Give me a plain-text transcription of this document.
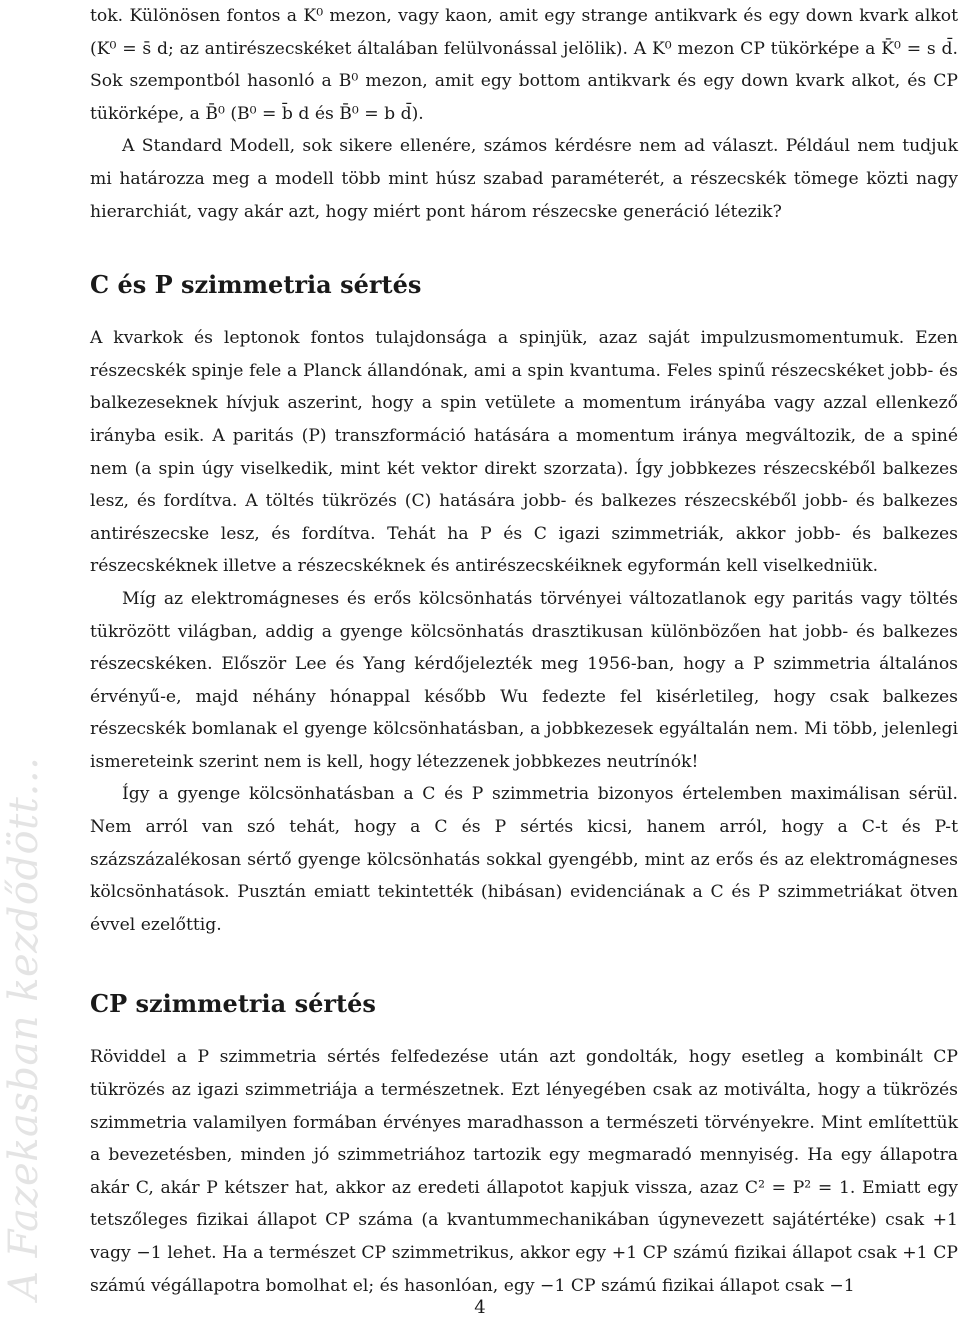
A Fazekasban kezdődött…

tok. Különösen fontos a K⁰ mezon, vagy kaon, amit egy strange antikvark és egy down kvark alkot (K⁰ = s̄ d; az antirészecskéket általában felülvonással jelölik). A K⁰ mezon CP tükörképe a K̄⁰ = s d̄. Sok szempontból hasonló a B⁰ mezon, amit egy bottom antikvark és egy down kvark alkot, és CP tükörképe, a B̄⁰ (B⁰ = b̄ d és B̄⁰ = b d̄).

A Standard Modell, sok sikere ellenére, számos kérdésre nem ad választ. Például nem tudjuk mi határozza meg a modell több mint húsz szabad paraméterét, a részecskék tömege közti nagy hierarchiát, vagy akár azt, hogy miért pont három részecske generáció létezik?

C és P szimmetria sértés

A kvarkok és leptonok fontos tulajdonsága a spinjük, azaz saját impulzusmomentumuk. Ezen részecskék spinje fele a Planck állandónak, ami a spin kvantuma. Feles spinű részecskéket jobb- és balkezeseknek hívjuk aszerint, hogy a spin vetülete a momentum irányába vagy azzal ellenkező irányba esik. A paritás (P) transzformáció hatására a momentum iránya megváltozik, de a spiné nem (a spin úgy viselkedik, mint két vektor direkt szorzata). Így jobbkezes részecskéből balkezes lesz, és fordítva. A töltés tükrözés (C) hatására jobb- és balkezes részecskéből jobb- és balkezes antirészecske lesz, és fordítva. Tehát ha P és C igazi szimmetriák, akkor jobb- és balkezes részecskéknek illetve a részecskéknek és antirészecskéiknek egyformán kell viselkedniük.

Míg az elektromágneses és erős kölcsönhatás törvényei változatlanok egy paritás vagy töltés tükrözött világban, addig a gyenge kölcsönhatás drasztikusan különbözően hat jobb- és balkezes részecskéken. Először Lee és Yang kérdőjelezték meg 1956-ban, hogy a P szimmetria általános érvényű-e, majd néhány hónappal később Wu fedezte fel kisérletileg, hogy csak balkezes részecskék bomlanak el gyenge kölcsönhatásban, a jobbkezesek egyáltalán nem. Mi több, jelenlegi ismereteink szerint nem is kell, hogy létezzenek jobbkezes neutrínók!

Így a gyenge kölcsönhatásban a C és P szimmetria bizonyos értelemben maximálisan sérül. Nem arról van szó tehát, hogy a C és P sértés kicsi, hanem arról, hogy a C-t és P-t százszázalékosan sértő gyenge kölcsönhatás sokkal gyengébb, mint az erős és az elektromágneses kölcsönhatások. Pusztán emiatt tekintették (hibásan) evidenciának a C és P szimmetriákat ötven évvel ezelőttig.

CP szimmetria sértés

Röviddel a P szimmetria sértés felfedezése után azt gondolták, hogy esetleg a kombinált CP tükrözés az igazi szimmetriája a természetnek. Ezt lényegében csak az motiválta, hogy a tükrözés szimmetria valamilyen formában érvényes maradhasson a természeti törvényekre. Mint említettük a bevezetésben, minden jó szimmetriához tartozik egy megmaradó mennyiség. Ha egy állapotra akár C, akár P kétszer hat, akkor az eredeti állapotot kapjuk vissza, azaz C² = P² = 1. Emiatt egy tetszőleges fizikai állapot CP száma (a kvantummechanikában úgynevezett sajátértéke) csak +1 vagy −1 lehet. Ha a természet CP szimmetrikus, akkor egy +1 CP számú fizikai állapot csak +1 CP számú végállapotra bomolhat el; és hasonlóan, egy −1 CP számú fizikai állapot csak −1

4
